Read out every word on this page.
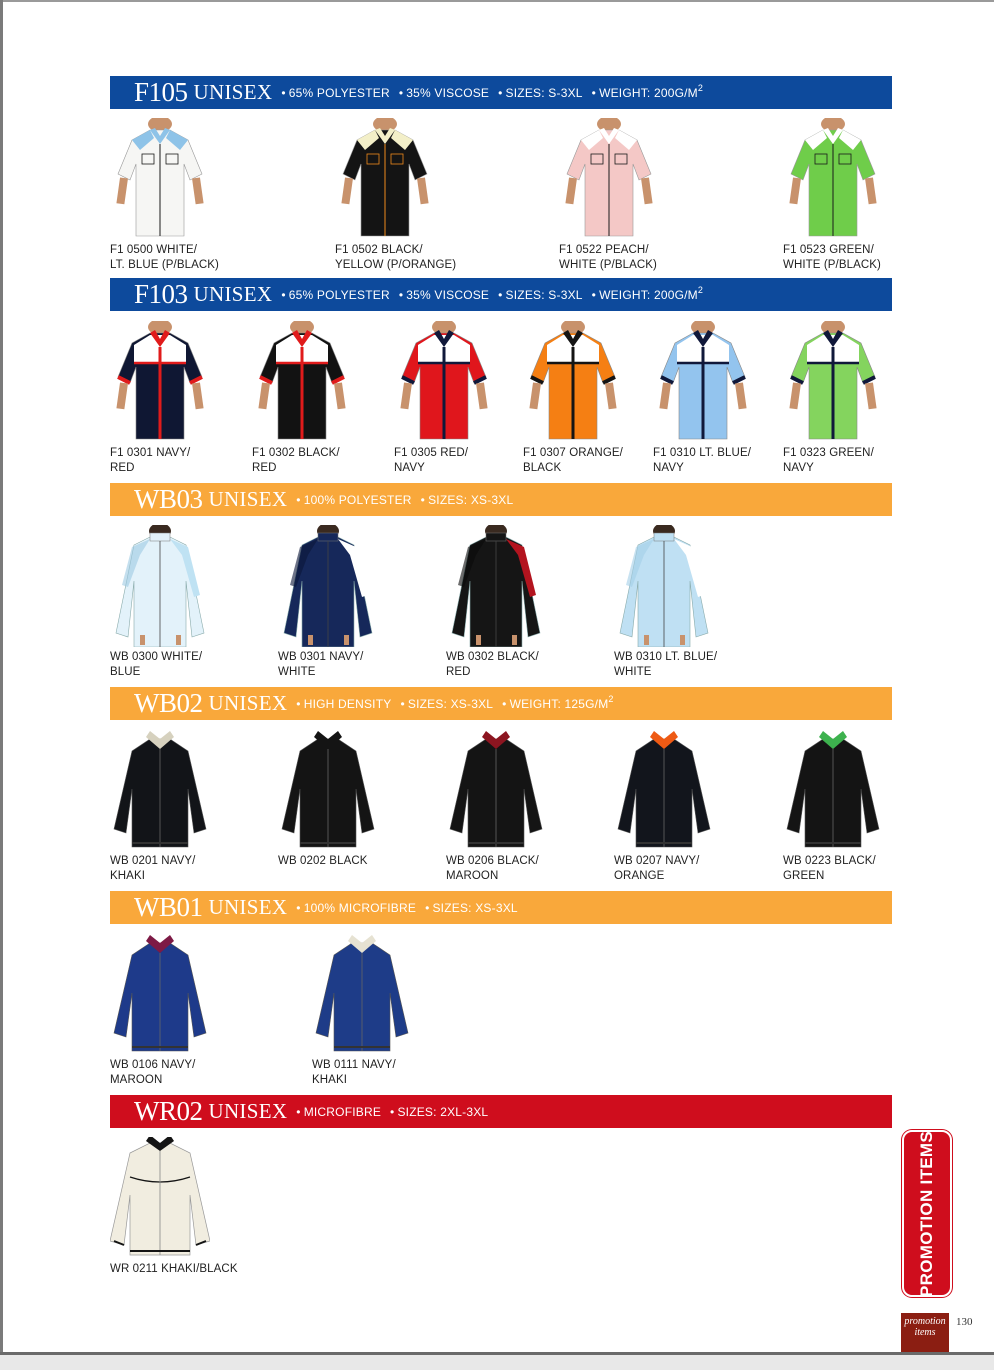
F105 UNISEX	• 65% POLYESTER	• 35% VISCOSE	• SIZES: S-3XL	• WEIGHT: $200G/M^2$
F103 UNISEX	• 65% POLYESTER	• 35% VISCOSE	• SIZES: S-3XL	• WEIGHT: $200G/M^2$
WB03 UNISEX	• 100% POLYESTER	• SIZES: XS-3XL
WB02 UNISEX	• HIGH DENSITY	• SIZES: XS-3XL	• WEIGHT: $125G/M^2$
WB01 UNISEX	• 100% MICROFIBRE	• SIZES: XS-3XL
WR02 UNISEX	• MICROFIBRE	• SIZES: 2XL-3XL
F1 0500 WHITE/
LT. BLUE (P/BLACK)
F1 0502 BLACK/
YELLOW (P/ORANGE)
F1 0522 PEACH/
WHITE (P/BLACK)
F1 0523 GREEN/
WHITE (P/BLACK)
F1 0301 NAVY/
RED
F1 0302 BLACK/
RED
F1 0305 RED/
NAVY
F1 0307 ORANGE/
BLACK
F1 0310 LT. BLUE/
NAVY
F1 0323 GREEN/
NAVY
WB 0300 WHITE/
BLUE
WB 0301 NAVY/
WHITE
WB 0302 BLACK/
RED
WB 0310 LT. BLUE/
WHITE
WB 0201 NAVY/
KHAKI
WB 0202 BLACK	WB 0206 BLACK/
MAROON
WB 0207 NAVY/
ORANGE
WB 0223 BLACK/
GREEN
WB 0106 NAVY/
MAROON
WB 0111 NAVY/
KHAKI
WR 0211 KHAKI/BLACK	PROMOTION ITEMS
promotion
items
130
